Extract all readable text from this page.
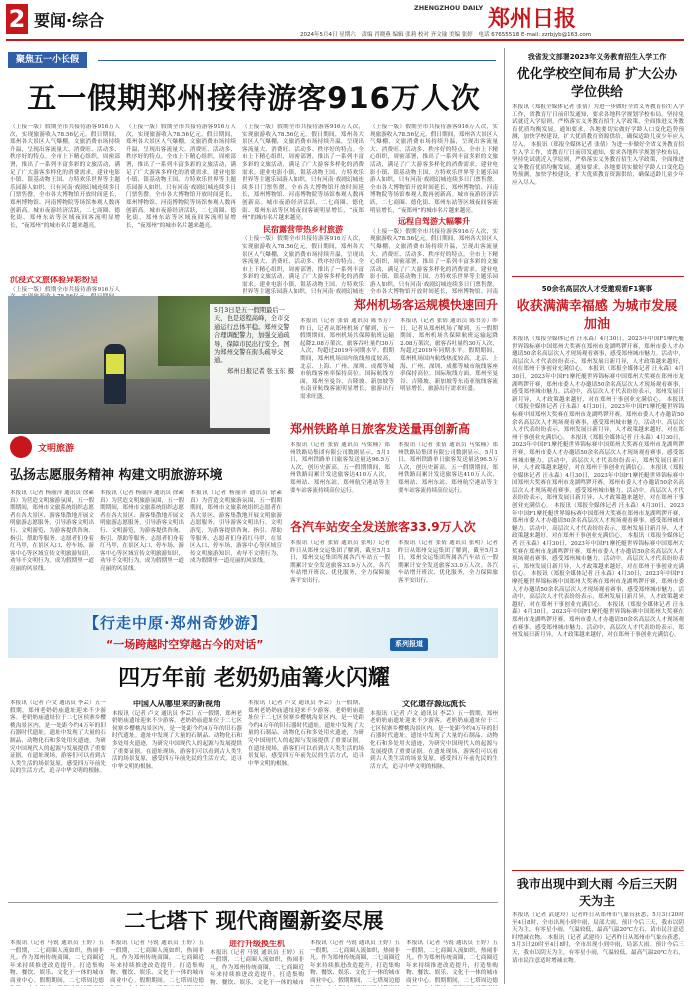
2 要闻·综合
ZHENGZHOU DAILY 郑州日报
2024年5月4日 星期六 责编 肖晓燕 编辑 张莉 校对 齐文瑜 美编 张婷 电话 67655518 E-mail: zzrbjyb@163.com
聚焦五一小长假
五一假期郑州接待游客916万人次
（上接一版）假期全市共接待游客916万人次，实现旅游收入78.56亿元。假日期间，郑州各大景区人气爆棚，文旅消费市场持续升温，呈现出客流量大、消费旺、活动多、秩序好的特点。全市上下精心组织，周密部署，推出了一系列丰富多彩的文旅活动，满足了广大游客多样化的消费需求。建业电影小镇、银基动物王国、方特欢乐世界等主题乐园游人如织，只有河南·戏剧幻城连续多日门票售罄。全市各大博物馆开放时间延长，郑州博物馆、河南博物院等场馆参观人数再创新高。城市夜游经济活跃，二七商圈、德化街、郑州东站等区域夜间客流明显增长，“夜郑州”的城市名片越来越亮。
沉浸式文旅体验异彩纷呈
（上接一版）假期全市共接待游客916万人
（上接一版）假期全市共接待游客916万人次，实现旅游收入78.56亿元。假日期间，郑州各大景区人气爆棚，文旅消费市场持续升温，呈现出客流量大、消费旺、活动多、秩序好的特点。全市上下精心组织，周密部署，推出了一系列丰富多彩的文旅活动，满足了广大游客多样化的消费需求。建业电影小镇、银基动物王国、方特欢乐世界等主题乐园游人如织，只有河南·戏剧幻城连续多日门票售罄。全市各大博物馆开放时间延长，郑州博物馆、河南博物院等场馆参观人数再创新高。城市夜游经济活跃，二七商圈、德化街、郑州东站等区域夜间客流明显增长，“夜郑州”的城市名片越来越亮。
（上接一版）假期全市共接待游客916万人次，实现旅游收入78.56亿元。假日期间，郑州各大景区人气爆棚，文旅消费市场持续升温，呈现出客流量大、消费旺、活动多、秩序好的特点。全市上下精心组织，周密部署，推出了一系列丰富多彩的文旅活动，满足了广大游客多样化的消费需求。建业电影小镇、银基动物王国、方特欢乐世界等主题乐园游人如织，只有河南·戏剧幻城连续多日门票售罄。全市各大博物馆开放时间延长，郑州博物馆、河南博物院等场馆参观人数再创新高。城市夜游经济活跃，二七商圈、德化街、郑州东站等区域夜间客流明显增长，“夜郑州”的城市名片越来越亮。
民宿露营带热乡村旅游
（上接一版）假期全市共接待游客916万人次，实现旅游收入78.56亿元。假日期间，郑州各大景区人气爆棚，文旅消费市场持续升温，呈现出客流量大、消费旺、活动多、秩序好的特点。全市上下精心组织，周密部署，推出了一系列丰富多彩的文旅活动，满足了广大游客多样化的消费需求。建业电影小镇、银基动物王国、方特欢乐世界等主题乐园游人如织，只有河南·戏剧幻城连
（上接一版）假期全市共接待游客916万人次，实现旅游收入78.56亿元。假日期间，郑州各大景区人气爆棚，文旅消费市场持续升温，呈现出客流量大、消费旺、活动多、秩序好的特点。全市上下精心组织，周密部署，推出了一系列丰富多彩的文旅活动，满足了广大游客多样化的消费需求。建业电影小镇、银基动物王国、方特欢乐世界等主题乐园游人如织，只有河南·戏剧幻城连续多日门票售罄。全市各大博物馆开放时间延长，郑州博物馆、河南博物院等场馆参观人数再创新高。城市夜游经济活跃，二七商圈、德化街、郑州东站等区域夜间客流明显增长，“夜郑州”的城市名片越来越亮。
远程自驾游大幅攀升
（上接一版）假期全市共接待游客916万人次，实现旅游收入78.56亿元。假日期间，郑州各大景区人气爆棚，文旅消费市场持续升温，呈现出客流量大、消费旺、活动多、秩序好的特点。全市上下精心组织，周密部署，推出了一系列丰富多彩的文旅活动，满足了广大游客多样化的消费需求。建业电影小镇、银基动物王国、方特欢乐世界等主题乐园游人如织，只有河南·戏剧幻城连续多日门票售罄。全市各大博物馆开放时间延长，郑州博物馆、河南
5月3日是五一假期最后一天，也是返程高峰，全市交通运行总体平稳。郑州交警合理调配警力，加强交通疏导，保障市民出行安全。图为郑州交警在街头疏导交通。
郑州日报记者 张玉东 摄
文明旅游
弘扬志愿服务精神 构建文明旅游环境
本报讯（记者 杨丽萍 通讯员 徐素真）为营造文明旅游氛围，五一假期期间，郑州市文旅系统组织志愿者在各大景区、游客集散地开展文明旅游志愿服务，引导游客文明出行、文明游览，为游客提供咨询、指引、帮助等服务。志愿者们身着红马甲，在景区入口、停车场、游客中心等区域宣传文明旅游知识，劝导不文明行为，成为假期里一道亮丽的风景线。
本报讯（记者 杨丽萍 通讯员 徐素真）为营造文明旅游氛围，五一假期期间，郑州市文旅系统组织志愿者在各大景区、游客集散地开展文明旅游志愿服务，引导游客文明出行、文明游览，为游客提供咨询、指引、帮助等服务。志愿者们身着红马甲，在景区入口、停车场、游客中心等区域宣传文明旅游知识，劝导不文明行为，成为假期里一道亮丽的风景线。
本报讯（记者 杨丽萍 通讯员 徐素真）为营造文明旅游氛围，五一假期期间，郑州市文旅系统组织志愿者在各大景区、游客集散地开展文明旅游志愿服务，引导游客文明出行、文明游览，为游客提供咨询、指引、帮助等服务。志愿者们身着红马甲，在景区入口、停车场、游客中心等区域宣传文明旅游知识，劝导不文明行为，成为假期里一道亮丽的风景线。
郑州机场客运规模快速回升
本报讯（记者 张倩 通讯员 陈书芳）昨日，记者从郑州机场了解到，五一假期期间，郑州机场共保障航班运输起降2.08万架次，旅客吞吐量约30万人次，均超过2019年同期水平。假期期间，郑州机场国内航线热度较高，北京、上海、广州、深圳、成都等城市航线客座率保持高位。国际航线方面，郑州至曼谷、吉隆坡、新加坡等东南亚航线客流明显增长，旅游出行需求旺盛。
本报讯（记者 张倩 通讯员 陈书芳）昨日，记者从郑州机场了解到，五一假期期间，郑州机场共保障航班运输起降2.08万架次，旅客吞吐量约30万人次，均超过2019年同期水平。假期期间，郑州机场国内航线热度较高，北京、上海、广州、深圳、成都等城市航线客座率保持高位。国际航线方面，郑州至曼谷、吉隆坡、新加坡等东南亚航线客流明显增长，旅游出行需求旺盛。
郑州铁路单日旅客发送量再创新高
本报讯（记者 张倩 通讯员 马梁楠）郑州铁路局集团有限公司数据显示，5月1日，郑州铁路单日旅客发送量达96.5万人次，创历史新高。五一假期期间，郑州铁路局累计发送旅客达410万人次，郑州站、郑州东站、郑州航空港站等主要车站客流持续高位运行。
本报讯（记者 张倩 通讯员 马梁楠）郑州铁路局集团有限公司数据显示，5月1日，郑州铁路单日旅客发送量达96.5万人次，创历史新高。五一假期期间，郑州铁路局累计发送旅客达410万人次，郑州站、郑州东站、郑州航空港站等主要车站客流持续高位运行。
各汽车站安全发送旅客33.9万人次
本报讯（记者 张倩 通讯员 张明）记者昨日从郑州交运集团了解到，截至5月3日，郑州交运集团所属各汽车站五一假期累计安全发送旅客33.9万人次。各汽车站增开班次、优化服务，全力保障旅客平安出行。
本报讯（记者 张倩 通讯员 张明）记者昨日从郑州交运集团了解到，截至5月3日，郑州交运集团所属各汽车站五一假期累计安全发送旅客33.9万人次。各汽车站增开班次、优化服务，全力保障旅客平安出行。
【行走中原·郑州奇妙游】
“一场跨越时空穿越古今的对话”	系列报道
四万年前 老奶奶庙篝火闪耀
本报讯（记者 卢文 通讯员 李芸）五一假期，郑州老奶奶庙遗址迎来不少游客。老奶奶庙遗址位于二七区侯寨乡樱桃沟景区内，是一处距今约4万年的旧石器时代遗址。遗址中发现了大量的石制品、动物化石和多处用火遗迹，为研究中国现代人的起源与发展提供了重要证据。在遗址现场，游客们可以看到古人类生活的场景复原，感受四万年前先民的生活方式，追寻中华文明的根脉。
中国人从哪里来的新视角
本报讯（记者 卢文 通讯员 李芸）五一假期，郑州老奶奶庙遗址迎来不少游客。老奶奶庙遗址位于二七区侯寨乡樱桃沟景区内，是一处距今约4万年的旧石器时代遗址。遗址中发现了大量的石制品、动物化石和多处用火遗迹，为研究中国现代人的起源与发展提供了重要证据。在遗址现场，游客们可以看到古人类生活的场景复原，感受四万年前先民的生活方式，追寻中华文明的根脉。
本报讯（记者 卢文 通讯员 李芸）五一假期，郑州老奶奶庙遗址迎来不少游客。老奶奶庙遗址位于二七区侯寨乡樱桃沟景区内，是一处距今约4万年的旧石器时代遗址。遗址中发现了大量的石制品、动物化石和多处用火遗迹，为研究中国现代人的起源与发展提供了重要证据。在遗址现场，游客们可以看到古人类生活的场景复原，感受四万年前先民的生活方式，追寻中华文明的根脉。
文化遗存源远流长
本报讯（记者 卢文 通讯员 李芸）五一假期，郑州老奶奶庙遗址迎来不少游客。老奶奶庙遗址位于二七区侯寨乡樱桃沟景区内，是一处距今约4万年的旧石器时代遗址。遗址中发现了大量的石制品、动物化石和多处用火遗迹，为研究中国现代人的起源与发展提供了重要证据。在遗址现场，游客们可以看到古人类生活的场景复原，感受四万年前先民的生活方式，追寻中华文明的根脉。
二七塔下 现代商圈新姿尽展
本报讯（记者 马锐 通讯员 王婷）五一假期，二七商圈人流如织，热闹非凡。作为郑州传统商圈，二七商圈近年来持续推进改造提升，打造集购物、餐饮、娱乐、文化于一体的城市商业中心。假期期间，二七塔周边德
本报讯（记者 马锐 通讯员 王婷）五一假期，二七商圈人流如织，热闹非凡。作为郑州传统商圈，二七商圈近年来持续推进改造提升，打造集购物、餐饮、娱乐、文化于一体的城市商业中心。假期期间，二七塔周边德
进行升级换生机
本报讯（记者 马锐 通讯员 王婷）五一假期，二七商圈人流如织，热闹非凡。作为郑州传统商圈，二七商圈近年来持续推进改造提升，打造集购物、餐饮、娱乐、文化于一体的城市
本报讯（记者 马锐 通讯员 王婷）五一假期，二七商圈人流如织，热闹非凡。作为郑州传统商圈，二七商圈近年来持续推进改造提升，打造集购物、餐饮、娱乐、文化于一体的城市商业中心。假期期间，二七塔周边德
本报讯（记者 马锐 通讯员 王婷）五一假期，二七商圈人流如织，热闹非凡。作为郑州传统商圈，二七商圈近年来持续推进改造提升，打造集购物、餐饮、娱乐、文化于一体的城市商业中心。假期期间，二七塔周边德
我省发文部署2023年义务教育招生入学工作
优化学校空间布局 扩大公办学位供给
本报讯（郑报全媒体记者 张倩）为进一步做好全省义务教育招生入学工作，省教育厅日前印发通知，要求各地科学规划学校布局，坚持免试就近入学原则，严格落实义务教育招生入学政策，全面推进义务教育优质均衡发展。通知要求，各地要切实做好学龄人口变化趋势预测，加快学校建设，扩大优质教育资源供给，确保适龄儿童少年应入尽入。 本报讯（郑报全媒体记者 张倩）为进一步做好全省义务教育招生入学工作，省教育厅日前印发通知，要求各地科学规划学校布局，坚持免试就近入学原则，严格落实义务教育招生入学政策，全面推进义务教育优质均衡发展。通知要求，各地要切实做好学龄人口变化趋势预测，加快学校建设，扩大优质教育资源供给，确保适龄儿童少年应入尽入。
50余名高层次人才受邀观看F1赛事
收获满满幸福感 为城市发展加油
本报讯（郑报全媒体记者 汪永森）4月30日，2023年中国F1摩托艇世界锦标赛中国郑州大奖赛在郑州市龙湖鸣锣开赛，郑州市委人才办邀请50余名高层次人才现场观看赛事，感受郑州城市魅力。活动中，高层次人才代表纷纷表示，郑州发展日新月异，人才政策越来越好，对在郑州干事创业充满信心。 本报讯（郑报全媒体记者 汪永森）4月30日，2023年中国F1摩托艇世界锦标赛中国郑州大奖赛在郑州市龙湖鸣锣开赛，郑州市委人才办邀请50余名高层次人才现场观看赛事，感受郑州城市魅力。活动中，高层次人才代表纷纷表示，郑州发展日新月异，人才政策越来越好，对在郑州干事创业充满信心。 本报讯（郑报全媒体记者 汪永森）4月30日，2023年中国F1摩托艇世界锦标赛中国郑州大奖赛在郑州市龙湖鸣锣开赛，郑州市委人才办邀请50余名高层次人才现场观看赛事，感受郑州城市魅力。活动中，高层次人才代表纷纷表示，郑州发展日新月异，人才政策越来越好，对在郑州干事创业充满信心。 本报讯（郑报全媒体记者 汪永森）4月30日，2023年中国F1摩托艇世界锦标赛中国郑州大奖赛在郑州市龙湖鸣锣开赛，郑州市委人才办邀请50余名高层次人才现场观看赛事，感受郑州城市魅力。活动中，高层次人才代表纷纷表示，郑州发展日新月异，人才政策越来越好，对在郑州干事创业充满信心。 本报讯（郑报全媒体记者 汪永森）4月30日，2023年中国F1摩托艇世界锦标赛中国郑州大奖赛在郑州市龙湖鸣锣开赛，郑州市委人才办邀请50余名高层次人才现场观看赛事，感受郑州城市魅力。活动中，高层次人才代表纷纷表示，郑州发展日新月异，人才政策越来越好，对在郑州干事创业充满信心。 本报讯（郑报全媒体记者 汪永森）4月30日，2023年中国F1摩托艇世界锦标赛中国郑州大奖赛在郑州市龙湖鸣锣开赛，郑州市委人才办邀请50余名高层次人才现场观看赛事，感受郑州城市魅力。活动中，高层次人才代表纷纷表示，郑州发展日新月异，人才政策越来越好，对在郑州干事创业充满信心。 本报讯（郑报全媒体记者 汪永森）4月30日，2023年中国F1摩托艇世界锦标赛中国郑州大奖赛在郑州市龙湖鸣锣开赛，郑州市委人才办邀请50余名高层次人才现场观看赛事，感受郑州城市魅力。活动中，高层次人才代表纷纷表示，郑州发展日新月异，人才政策越来越好，对在郑州干事创业充满信心。 本报讯（郑报全媒体记者 汪永森）4月30日，2023年中国F1摩托艇世界锦标赛中国郑州大奖赛在郑州市龙湖鸣锣开赛，郑州市委人才办邀请50余名高层次人才现场观看赛事，感受郑州城市魅力。活动中，高层次人才代表纷纷表示，郑州发展日新月异，人才政策越来越好，对在郑州干事创业充满信心。 本报讯（郑报全媒体记者 汪永森）4月30日，2023年中国F1摩托艇世界锦标赛中国郑州大奖赛在郑州市龙湖鸣锣开赛，郑州市委人才办邀请50余名高层次人才现场观看赛事，感受郑州城市魅力。活动中，高层次人才代表纷纷表示，郑州发展日新月异，人才政策越来越好，对在郑州干事创业充满信心。
我市出现中到大雨 今后三天阴天为主
本报讯（记者 武建玲）记者昨日从郑州市气象台获悉，5月3日20时至4日8时，全市出现小到中雨，局部大雨。预计今后三天，我市以阴天为主，有零星小雨，气温较低，最高气温20℃左右，请市民注意适时增减衣物。 本报讯（记者 武建玲）记者昨日从郑州市气象台获悉，5月3日20时至4日8时，全市出现小到中雨，局部大雨。预计今后三天，我市以阴天为主，有零星小雨，气温较低，最高气温20℃左右，请市民注意适时增减衣物。
